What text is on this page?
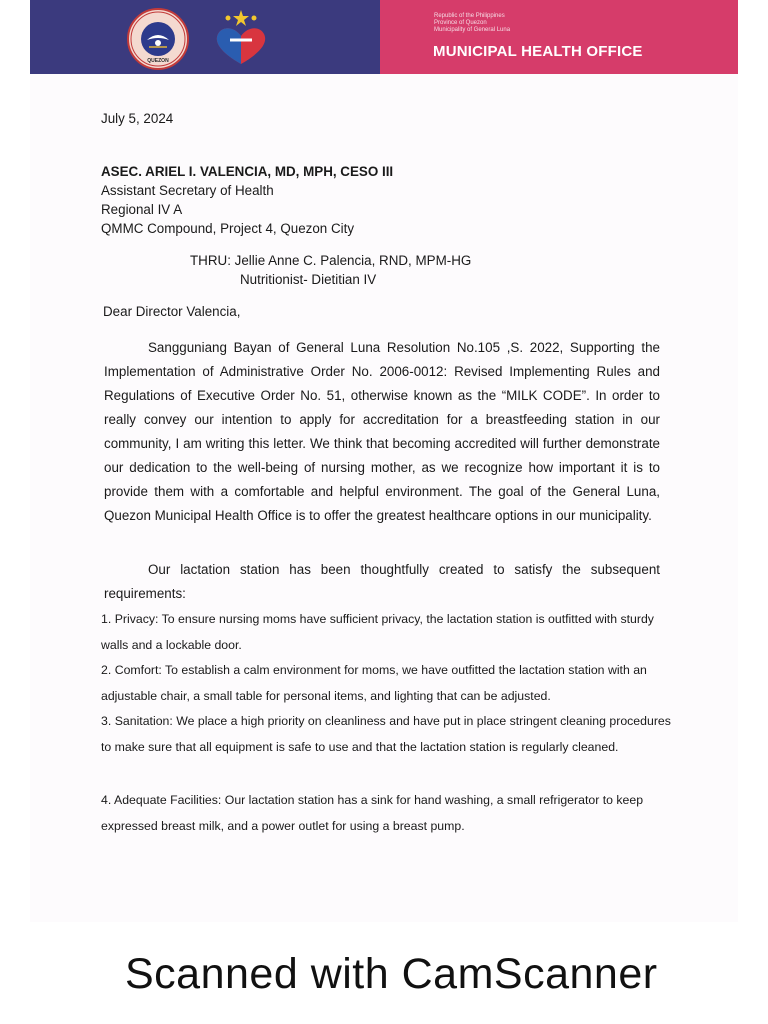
QUEZON
Republic of the Philippines
Province of Quezon
Municipality of General Luna
MUNICIPAL HEALTH OFFICE
July 5, 2024
ASEC. ARIEL I. VALENCIA, MD, MPH, CESO III
Assistant Secretary of Health
Regional IV A
QMMC Compound, Project 4, Quezon City
THRU: Jellie Anne C. Palencia, RND, MPM-HG
Nutritionist- Dietitian IV
Dear Director Valencia,
Sangguniang Bayan of General Luna Resolution No.105 ,S. 2022, Supporting the Implementation of Administrative Order No. 2006-0012: Revised Implementing Rules and Regulations of Executive Order No. 51, otherwise known as the “MILK CODE”. In order to really convey our intention to apply for accreditation for a breastfeeding station in our community, I am writing this letter. We think that becoming accredited will further demonstrate our dedication to the well-being of nursing mother, as we recognize how important it is to provide them with a comfortable and helpful environment. The goal of the General Luna, Quezon Municipal Health Office is to offer the greatest healthcare options in our municipality.
Our lactation station has been thoughtfully created to satisfy the subsequent requirements:
1. Privacy: To ensure nursing moms have sufficient privacy, the lactation station is outfitted with sturdy walls and a lockable door.
2. Comfort: To establish a calm environment for moms, we have outfitted the lactation station with an adjustable chair, a small table for personal items, and lighting that can be adjusted.
3. Sanitation: We place a high priority on cleanliness and have put in place stringent cleaning procedures to make sure that all equipment is safe to use and that the lactation station is regularly cleaned.
4. Adequate Facilities: Our lactation station has a sink for hand washing, a small refrigerator to keep expressed breast milk, and a power outlet for using a breast pump.
Scanned with CamScanner
